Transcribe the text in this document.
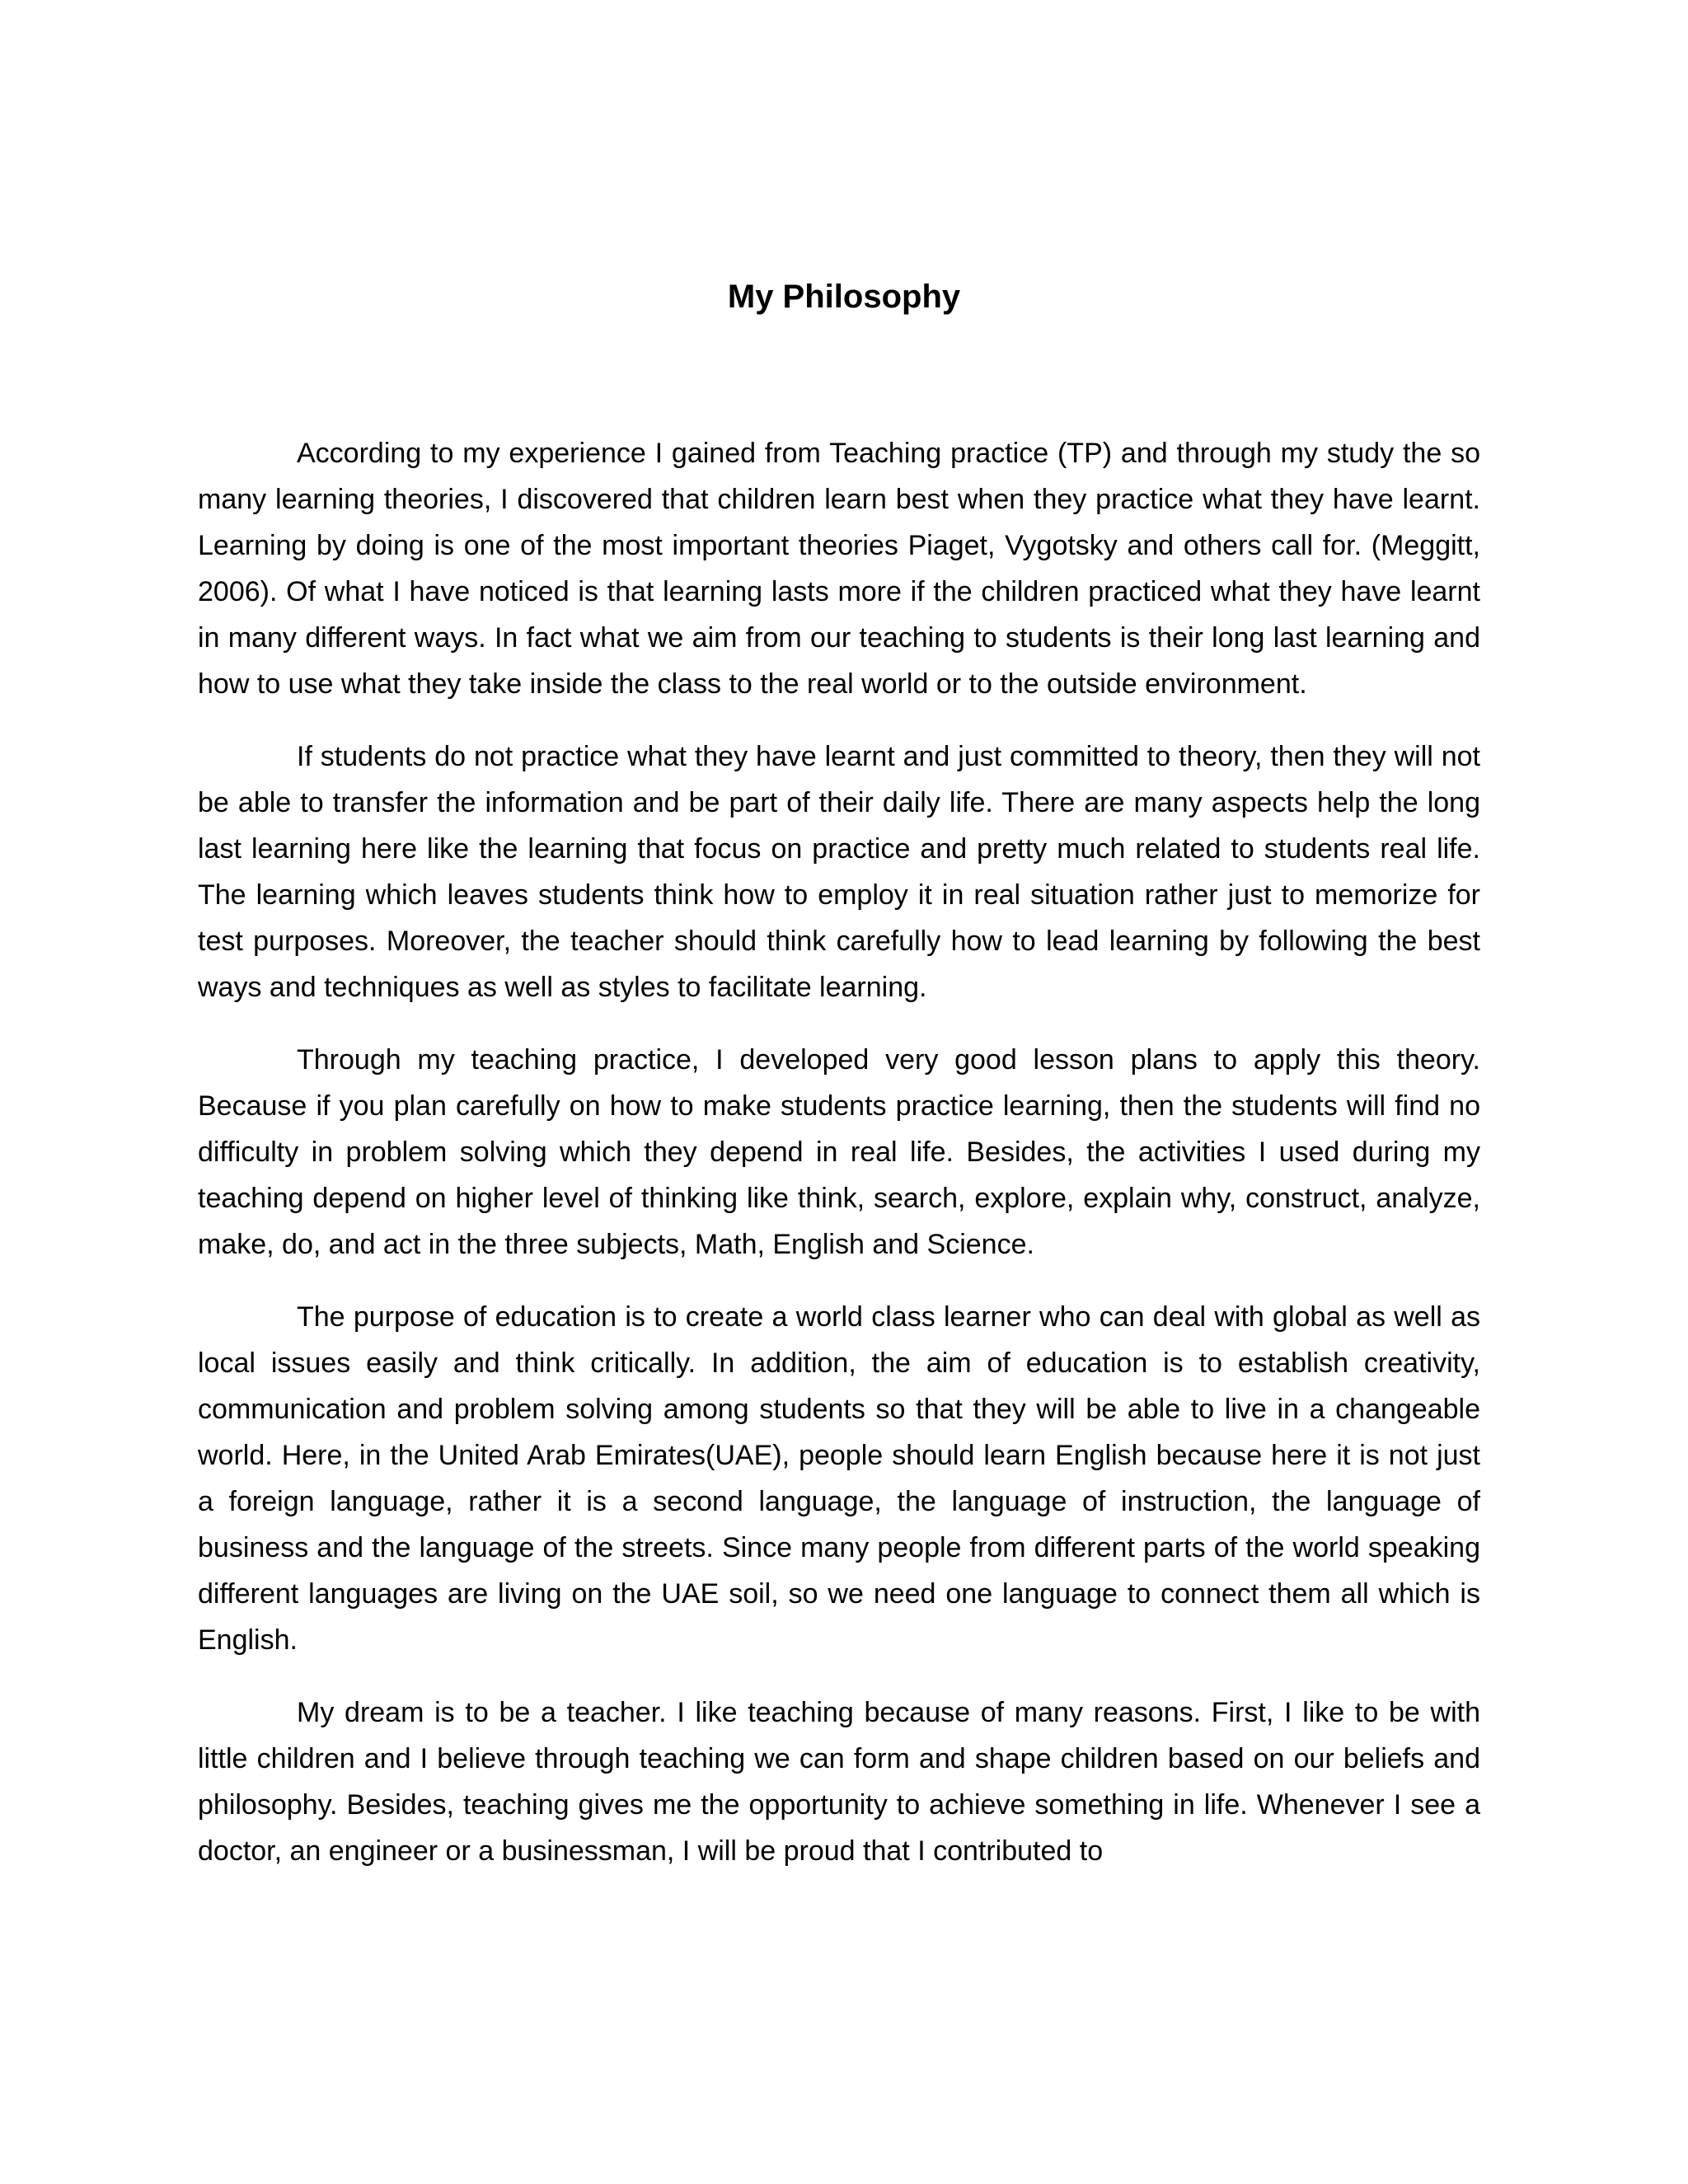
My Philosophy

According to my experience I gained from Teaching practice (TP) and through my study the so many learning theories, I discovered that children learn best when they practice what they have learnt. Learning by doing is one of the most important theories Piaget, Vygotsky and others call for. (Meggitt, 2006). Of what I have noticed is that learning lasts more if the children practiced what they have learnt in many different ways. In fact what we aim from our teaching to students is their long last learning and how to use what they take inside the class to the real world or to the outside environment.

If students do not practice what they have learnt and just committed to theory, then they will not be able to transfer the information and be part of their daily life. There are many aspects help the long last learning here like the learning that focus on practice and pretty much related to students real life. The learning which leaves students think how to employ it in real situation rather just to memorize for test purposes. Moreover, the teacher should think carefully how to lead learning by following the best ways and techniques as well as styles to facilitate learning.

Through my teaching practice, I developed very good lesson plans to apply this theory. Because if you plan carefully on how to make students practice learning, then the students will find no difficulty in problem solving which they depend in real life. Besides, the activities I used during my teaching depend on higher level of thinking like think, search, explore, explain why, construct, analyze, make, do, and act in the three subjects, Math, English and Science.

The purpose of education is to create a world class learner who can deal with global as well as local issues easily and think critically. In addition, the aim of education is to establish creativity, communication and problem solving among students so that they will be able to live in a changeable world. Here, in the United Arab Emirates(UAE), people should learn English because here it is not just a foreign language, rather it is a second language, the language of instruction, the language of business and the language of the streets. Since many people from different parts of the world speaking different languages are living on the UAE soil, so we need one language to connect them all which is English.

My dream is to be a teacher. I like teaching because of many reasons. First, I like to be with little children and I believe through teaching we can form and shape children based on our beliefs and philosophy. Besides, teaching gives me the opportunity to achieve something in life. Whenever I see a doctor, an engineer or a businessman, I will be proud that I contributed to
